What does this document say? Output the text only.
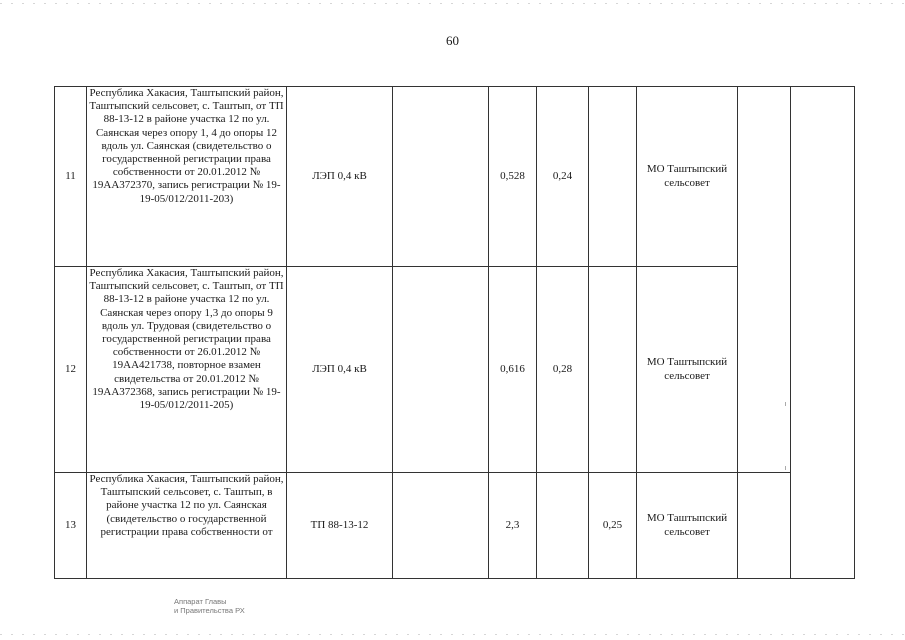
60
11	Республика Хакасия, Таштыпский район, Таштыпский сельсовет, с. Таштып, от ТП 88-13-12 в районе участка 12 по ул. Саянская через опору 1, 4 до опоры 12 вдоль ул. Саянская (свидетельство о государственной регистрации права собственности от 20.01.2012 № 19АА372370, запись регистрации № 19-19-05/012/2011-203)	ЛЭП 0,4 кВ		0,528	0,24		МО Таштыпский сельсовет		
12	Республика Хакасия, Таштыпский район, Таштыпский сельсовет, с. Таштып, от ТП 88-13-12 в районе участка 12 по ул. Саянская через опору 1,3 до опоры 9 вдоль ул. Трудовая (свидетельство о государственной регистрации права собственности от 26.01.2012 № 19АА421738, повторное взамен свидетельства от 20.01.2012 № 19АА372368, запись регистрации № 19-19-05/012/2011-205)	ЛЭП 0,4 кВ		0,616	0,28		МО Таштыпский сельсовет		
13	Республика Хакасия, Таштыпский район, Таштыпский сельсовет, с. Таштып, в районе участка 12 по ул. Саянская (свидетельство о государственной регистрации права собственности от	ТП 88-13-12		2,3		0,25	МО Таштыпский сельсовет		
Аппарат Главы
и Правительства РХ
